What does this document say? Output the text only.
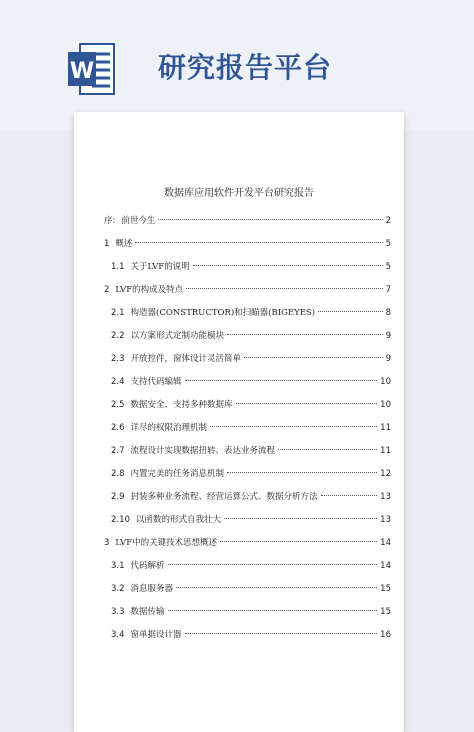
W 研究报告平台
数据库应用软件开发平台研究报告
序: 前世今生	2
1 概述	5
1.1 关于LVF的说明	5
2 LVF的构成及特点	7
2.1 构造器(CONSTRUCTOR)和扫瞄器(BIGEYES)	8
2.2 以方案形式定制功能模块	9
2.3 开放控件，窗体设计灵活简单	9
2.4 支持代码编辑	10
2.5 数据安全、支持多种数据库	10
2.6 详尽的权限治理机制	11
2.7 流程设计实现数据扭转、表达业务流程	11
2.8 内置完美的任务消息机制	12
2.9 封装多种业务流程、经营运算公式、数据分析方法	13
2.10 以函数的形式自我壮大	13
3 LVF中的关键技术思想概述	14
3.1 代码解析	14
3.2 消息服务器	15
3.3 数据传输	15
3.4 窗单据设计器	16
